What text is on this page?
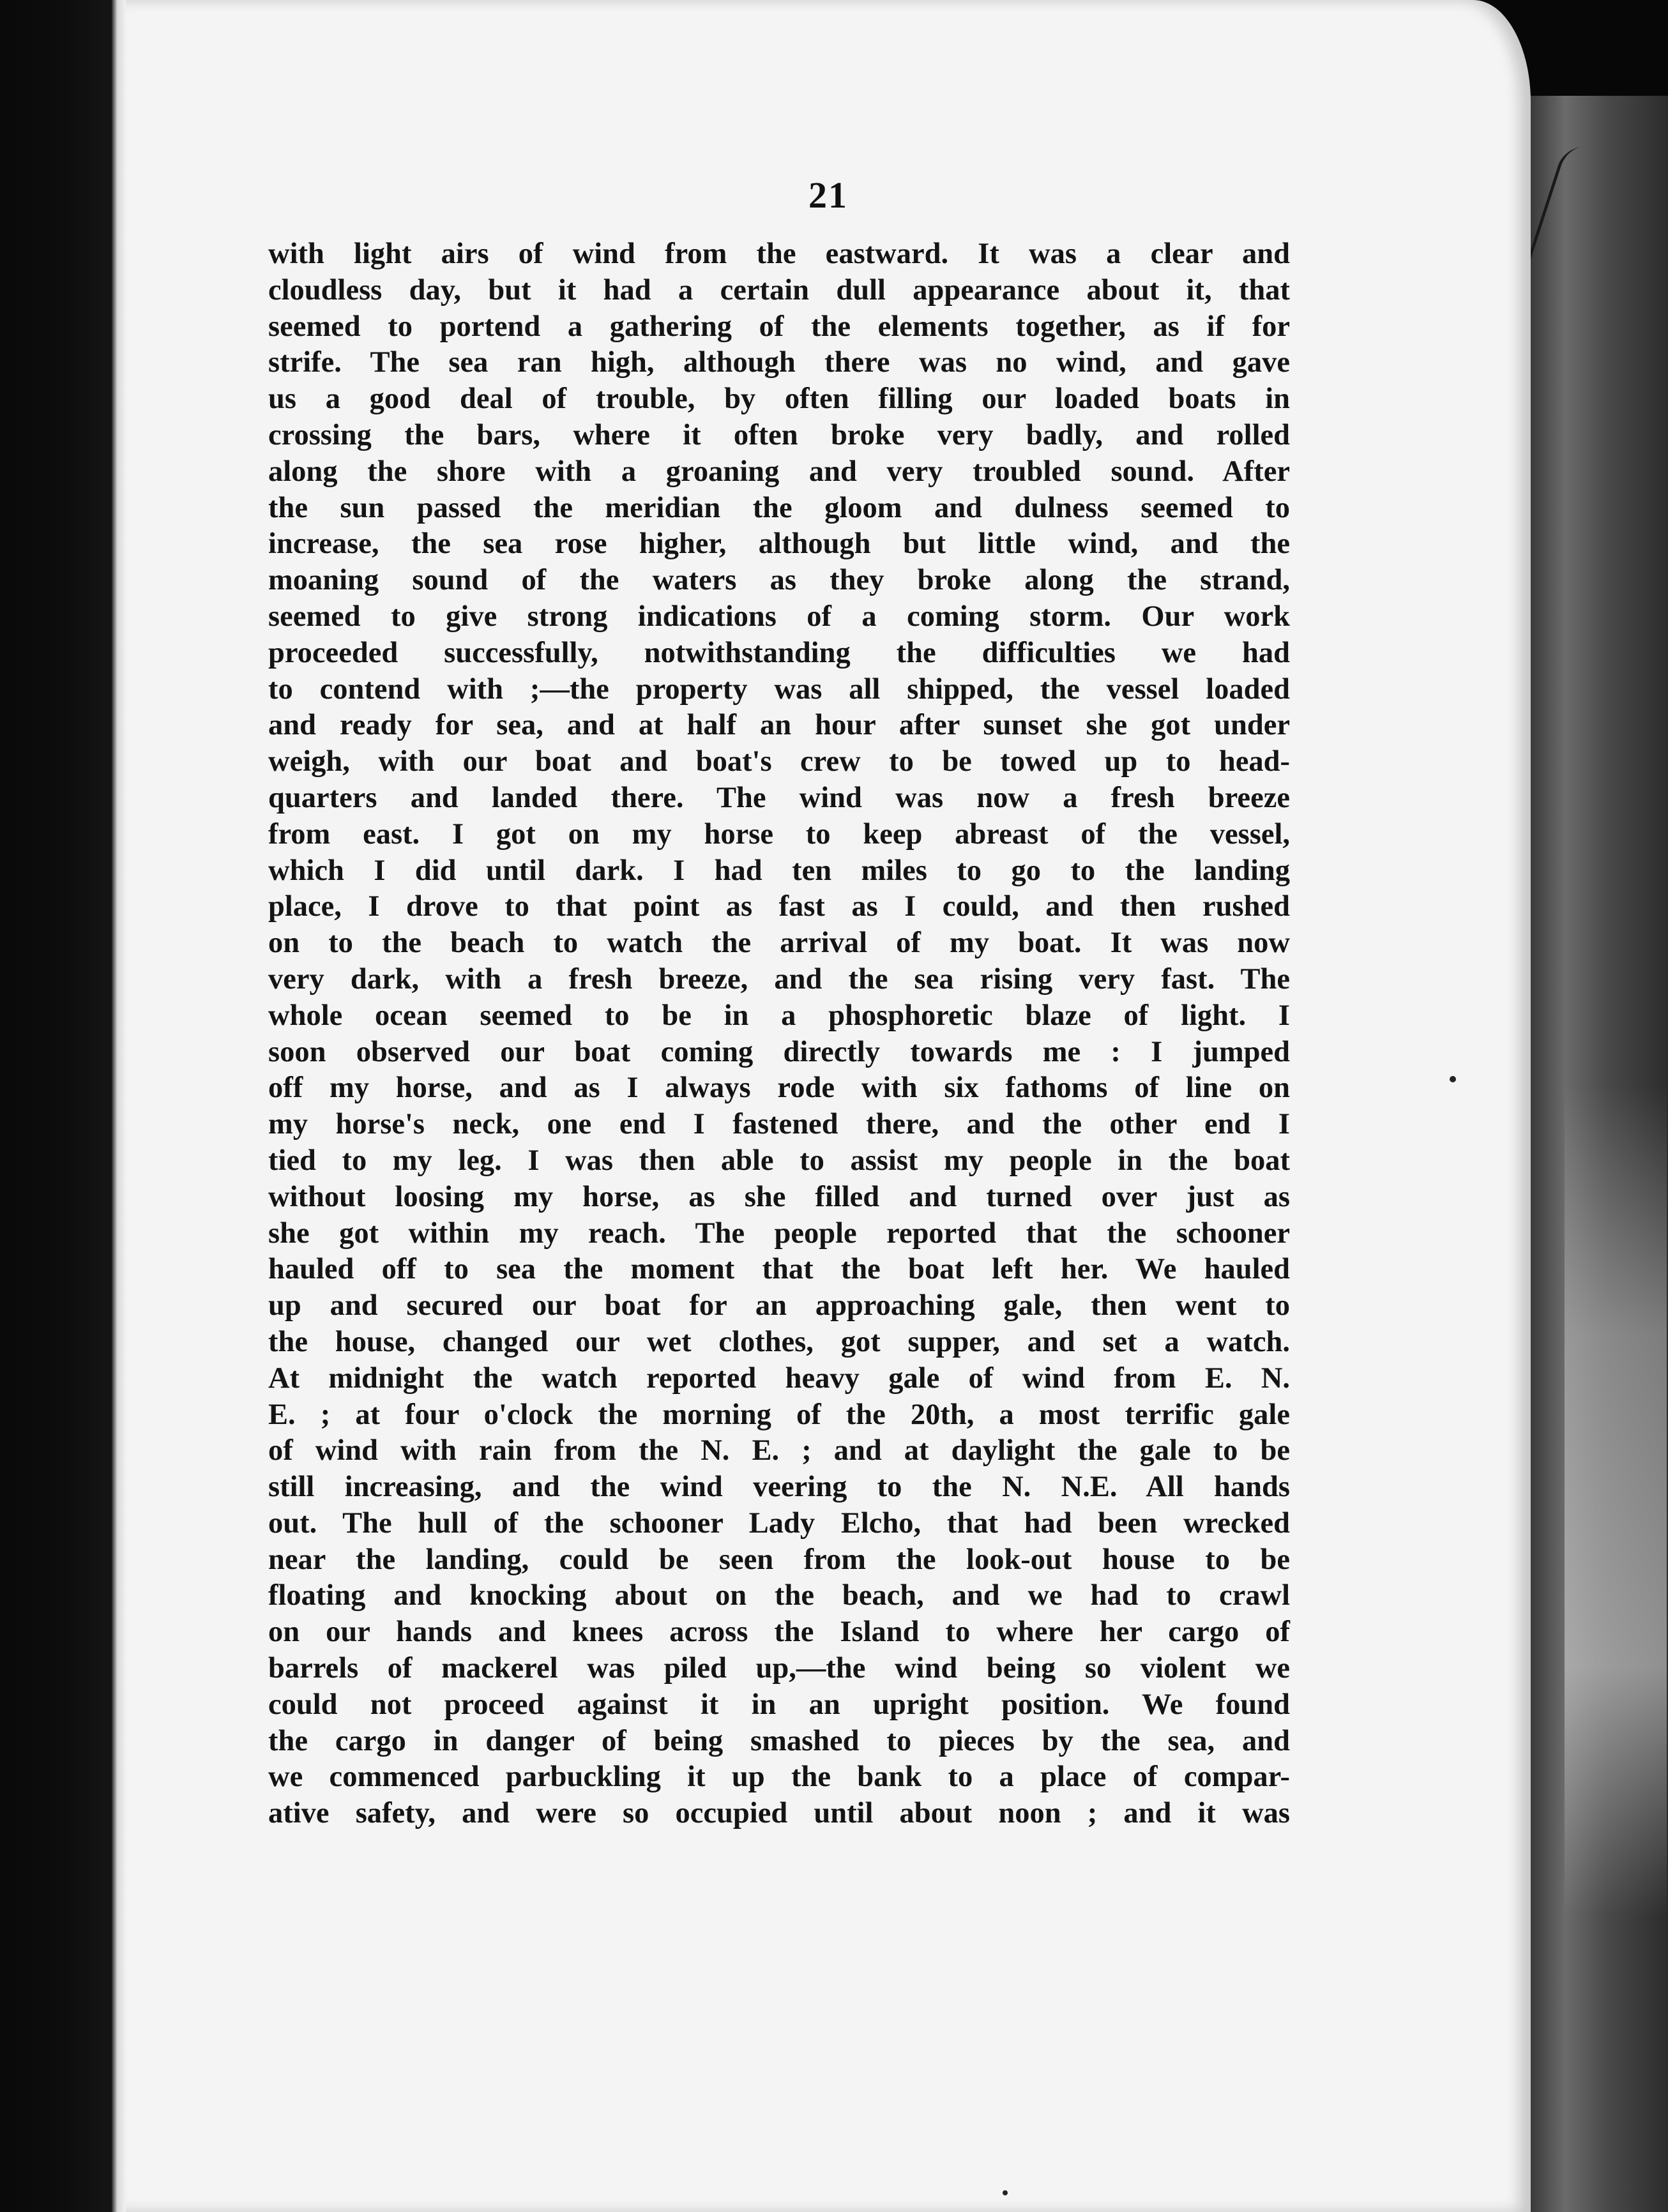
21
with light airs of wind from the eastward. It was a clear and
cloudless day, but it had a certain dull appearance about it, that
seemed to portend a gathering of the elements together, as if for
strife. The sea ran high, although there was no wind, and gave
us a good deal of trouble, by often filling our loaded boats in
crossing the bars, where it often broke very badly, and rolled
along the shore with a groaning and very troubled sound. After
the sun passed the meridian the gloom and dulness seemed to
increase, the sea rose higher, although but little wind, and the
moaning sound of the waters as they broke along the strand,
seemed to give strong indications of a coming storm. Our work
proceeded successfully, notwithstanding the difficulties we had
to contend with ;—the property was all shipped, the vessel loaded
and ready for sea, and at half an hour after sunset she got under
weigh, with our boat and boat's crew to be towed up to head-
quarters and landed there. The wind was now a fresh breeze
from east. I got on my horse to keep abreast of the vessel,
which I did until dark. I had ten miles to go to the landing
place, I drove to that point as fast as I could, and then rushed
on to the beach to watch the arrival of my boat. It was now
very dark, with a fresh breeze, and the sea rising very fast. The
whole ocean seemed to be in a phosphoretic blaze of light. I
soon observed our boat coming directly towards me : I jumped
off my horse, and as I always rode with six fathoms of line on
my horse's neck, one end I fastened there, and the other end I
tied to my leg. I was then able to assist my people in the boat
without loosing my horse, as she filled and turned over just as
she got within my reach. The people reported that the schooner
hauled off to sea the moment that the boat left her. We hauled
up and secured our boat for an approaching gale, then went to
the house, changed our wet clothes, got supper, and set a watch.
At midnight the watch reported heavy gale of wind from E. N.
E. ; at four o'clock the morning of the 20th, a most terrific gale
of wind with rain from the N. E. ; and at daylight the gale to be
still increasing, and the wind veering to the N. N.E. All hands
out. The hull of the schooner Lady Elcho, that had been wrecked
near the landing, could be seen from the look-out house to be
floating and knocking about on the beach, and we had to crawl
on our hands and knees across the Island to where her cargo of
barrels of mackerel was piled up,—the wind being so violent we
could not proceed against it in an upright position. We found
the cargo in danger of being smashed to pieces by the sea, and
we commenced parbuckling it up the bank to a place of compar-
ative safety, and were so occupied until about noon ; and it was
